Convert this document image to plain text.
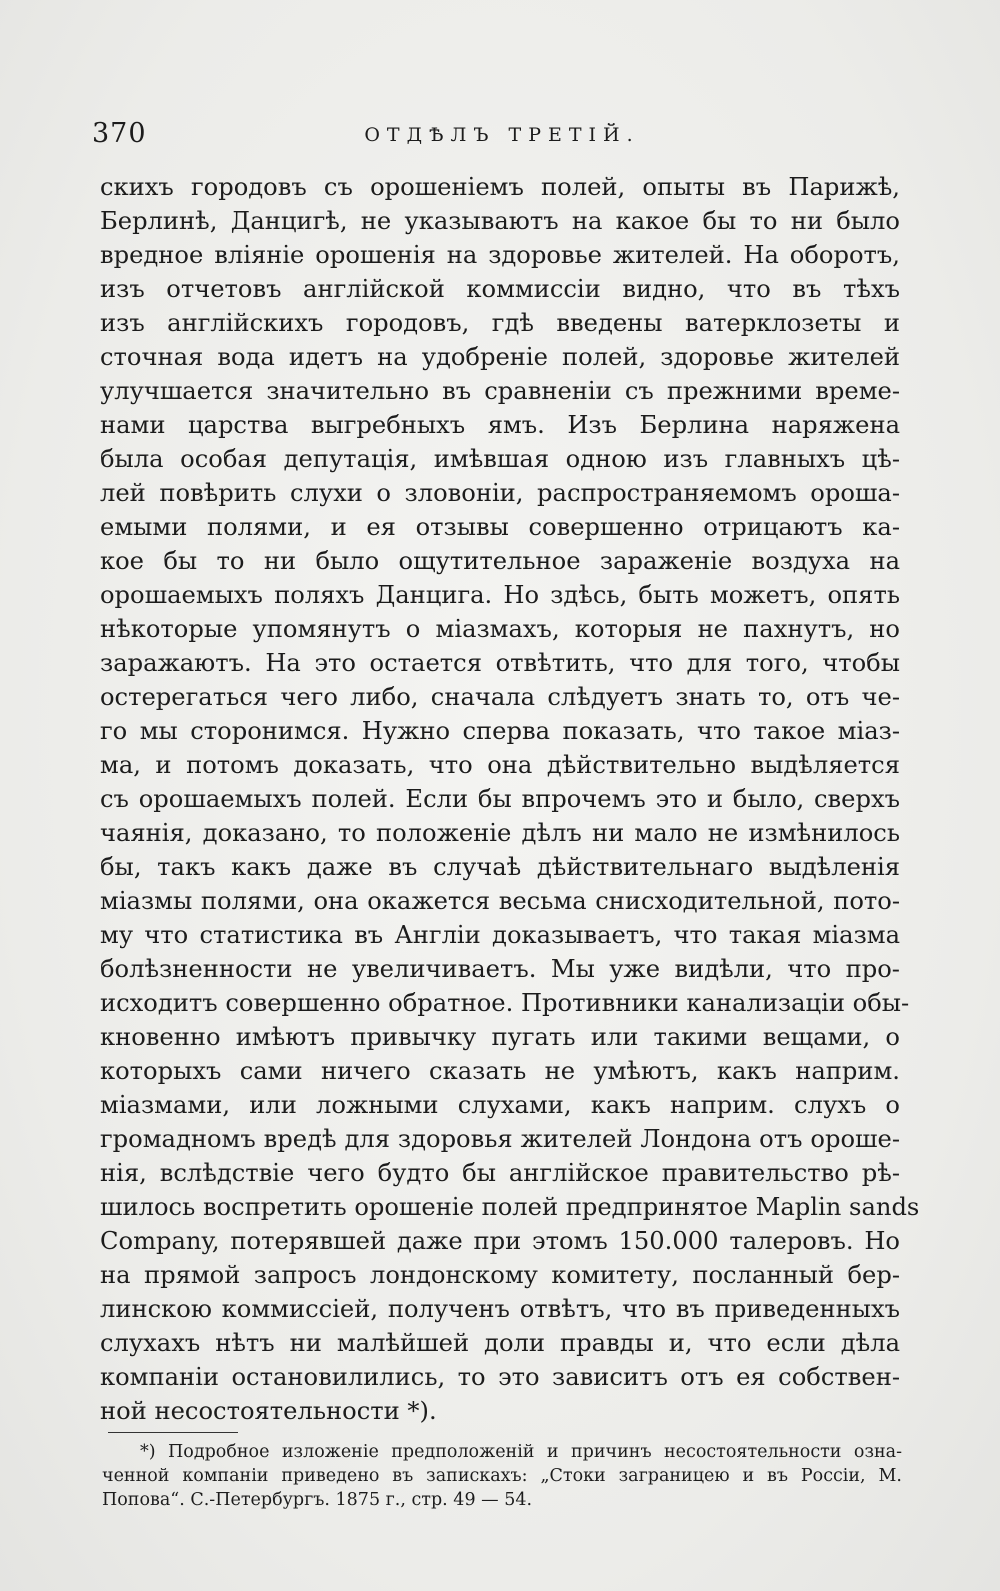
370	ОТДѢЛЪ ТРЕТІЙ.
скихъ городовъ съ орошеніемъ полей, опыты въ Парижѣ,
Берлинѣ, Данцигѣ, не указываютъ на какое бы то ни было
вредное вліяніе орошенія на здоровье жителей. На оборотъ,
изъ отчетовъ англійской коммиссіи видно, что въ тѣхъ
изъ англійскихъ городовъ, гдѣ введены ватерклозеты и
сточная вода идетъ на удобреніе полей, здоровье жителей
улучшается значительно въ сравненіи съ прежними време-
нами царства выгребныхъ ямъ. Изъ Берлина наряжена
была особая депутація, имѣвшая одною изъ главныхъ цѣ-
лей повѣрить слухи о зловоніи, распространяемомъ ороша-
емыми полями, и ея отзывы совершенно отрицаютъ ка-
кое бы то ни было ощутительное зараженіе воздуха на
орошаемыхъ поляхъ Данцига. Но здѣсь, быть можетъ, опять
нѣкоторые упомянутъ о міазмахъ, которыя не пахнутъ, но
заражаютъ. На это остается отвѣтить, что для того, чтобы
остерегаться чего либо, сначала слѣдуетъ знать то, отъ че-
го мы сторонимся. Нужно сперва показать, что такое міаз-
ма, и потомъ доказать, что она дѣйствительно выдѣляется
съ орошаемыхъ полей. Если бы впрочемъ это и было, сверхъ
чаянія, доказано, то положеніе дѣлъ ни мало не измѣнилось
бы, такъ какъ даже въ случаѣ дѣйствительнаго выдѣленія
міазмы полями, она окажется весьма снисходительной, пото-
му что статистика въ Англіи доказываетъ, что такая міазма
болѣзненности не увеличиваетъ. Мы уже видѣли, что про-
исходитъ совершенно обратное. Противники канализаціи обы-
кновенно имѣютъ привычку пугать или такими вещами, о
которыхъ сами ничего сказать не умѣютъ, какъ наприм.
міазмами, или ложными слухами, какъ наприм. слухъ о
громадномъ вредѣ для здоровья жителей Лондона отъ ороше-
нія, вслѣдствіе чего будто бы англійское правительство рѣ-
шилось воспретить орошеніе полей предпринятое Maplin sands
Company, потерявшей даже при этомъ 150.000 талеровъ. Но
на прямой запросъ лондонскому комитету, посланный бер-
линскою коммиссіей, полученъ отвѣтъ, что въ приведенныхъ
слухахъ нѣтъ ни малѣйшей доли правды и, что если дѣла
компаніи остановилились, то это зависитъ отъ ея собствен-
ной несостоятельности *).
*) Подробное изложеніе предположеній и причинъ несостоятельности озна-
ченной компаніи приведено въ запискахъ: „Стоки заграницею и въ Россіи, М.
Попова“. С.-Петербургъ. 1875 г., стр. 49 — 54.
